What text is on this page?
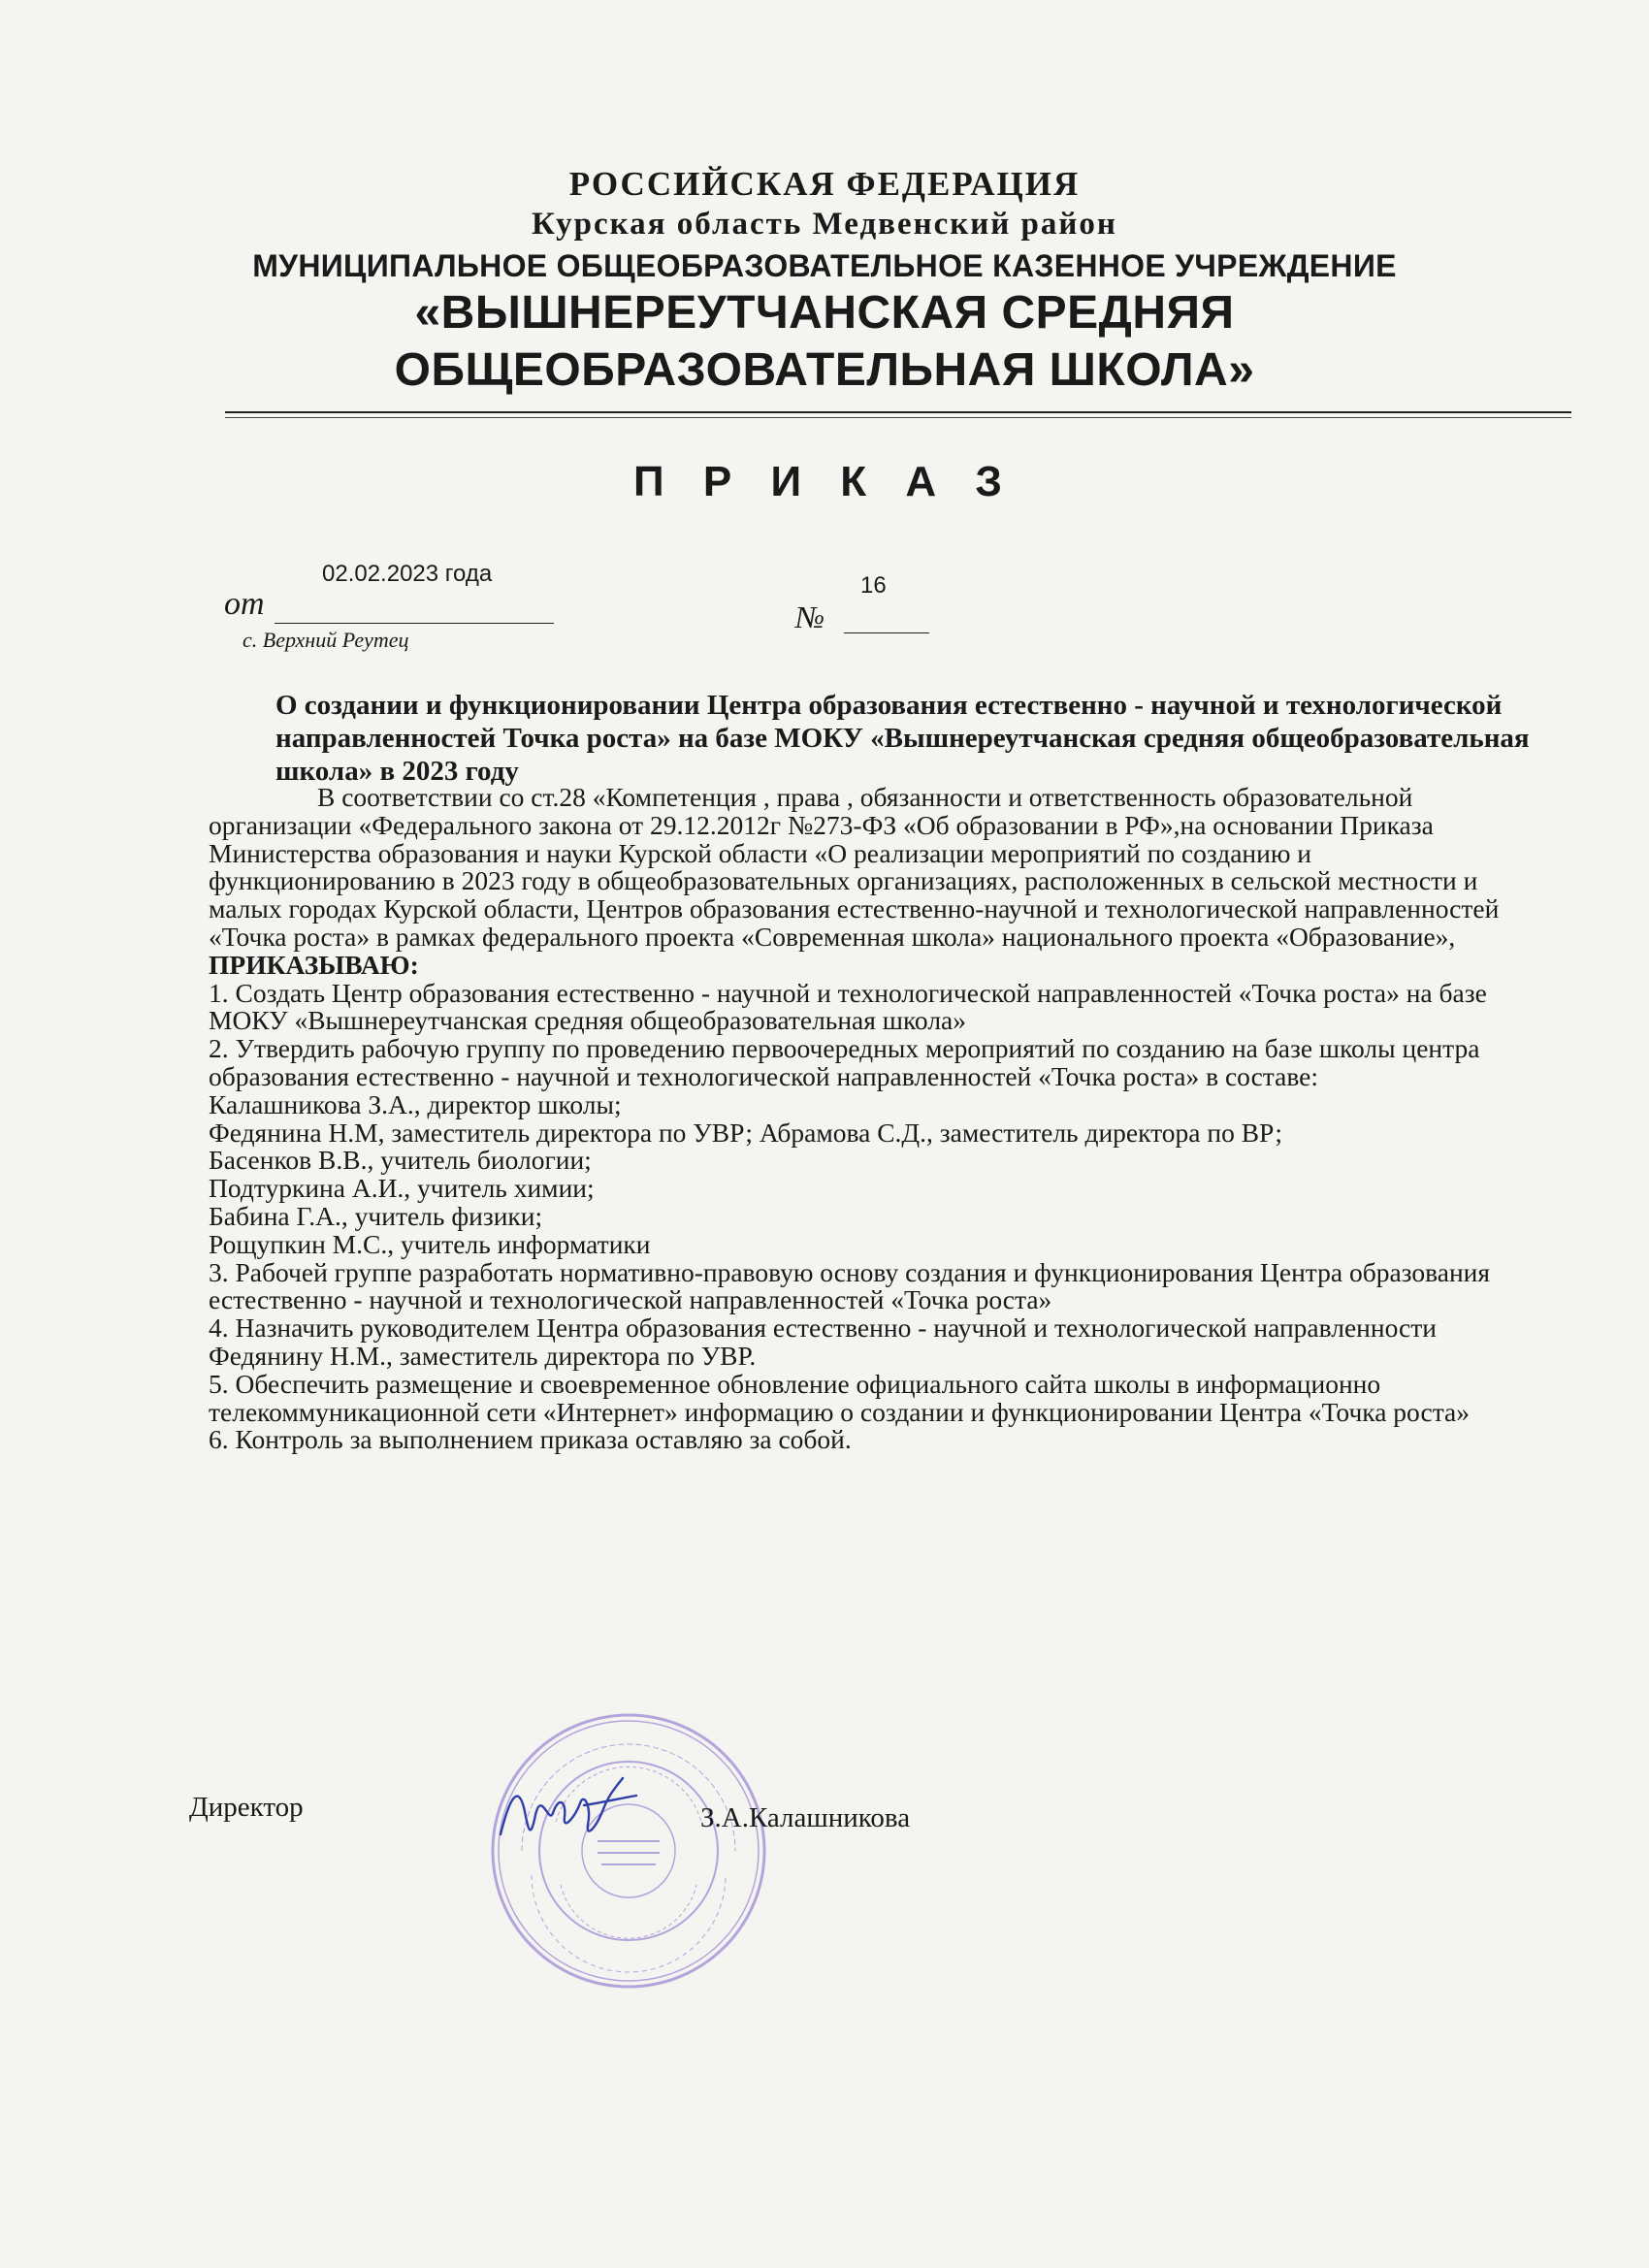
РОССИЙСКАЯ ФЕДЕРАЦИЯ
Курская область Медвенский район
МУНИЦИПАЛЬНОЕ ОБЩЕОБРАЗОВАТЕЛЬНОЕ КАЗЕННОЕ УЧРЕЖДЕНИЕ
«ВЫШНЕРЕУТЧАНСКАЯ СРЕДНЯЯ
ОБЩЕОБРАЗОВАТЕЛЬНАЯ ШКОЛА»
П Р И К А З
02.02.2023 года
от
с. Верхний Реутец
16
№
О создании и функционировании Центра образования естественно - научной и технологической направленностей Точка роста» на базе МОКУ «Вышнереутчанская средняя общеобразовательная школа» в 2023 году

В соответствии со ст.28 «Компетенция , права , обязанности и ответственность образовательной организации «Федерального закона от 29.12.2012г №273-ФЗ «Об образовании в РФ»,на основании Приказа Министерства образования и науки Курской области «О реализации мероприятий по созданию и функционированию в 2023 году в общеобразовательных организациях, расположенных в сельской местности и малых городах Курской области, Центров образования естественно-научной и технологической направленностей «Точка роста» в рамках федерального проекта «Современная школа» национального проекта «Образование», ПРИКАЗЫВАЮ:

1. Создать Центр образования естественно - научной и технологической направленностей «Точка роста» на базе МОКУ «Вышнереутчанская средняя общеобразовательная школа»

2. Утвердить рабочую группу по проведению первоочередных мероприятий по созданию на базе школы центра образования естественно - научной и технологической направленностей «Точка роста» в составе:

Калашникова З.А., директор школы;

Федянина Н.М, заместитель директора по УВР; Абрамова С.Д., заместитель директора по ВР;

Басенков В.В., учитель биологии;

Подтуркина А.И., учитель химии;

Бабина Г.А., учитель физики;

Рощупкин М.С., учитель информатики

3. Рабочей группе разработать нормативно-правовую основу создания и функционирования Центра образования естественно - научной и технологической направленностей «Точка роста»

4. Назначить руководителем Центра образования естественно - научной и технологической направленности Федянину Н.М., заместитель директора по УВР.

5. Обеспечить размещение и своевременное обновление официального сайта школы в информационно телекоммуникационной сети «Интернет» информацию о создании и функционировании Центра «Точка роста»

6. Контроль за выполнением приказа оставляю за собой.

Директор	З.А.Калашникова
